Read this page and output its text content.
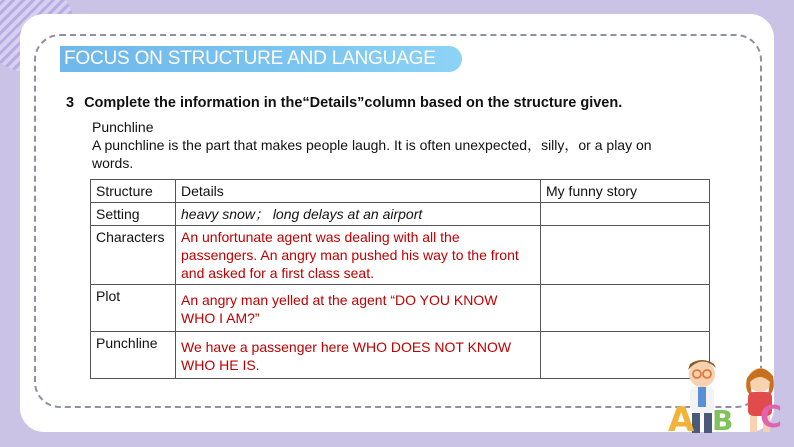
FOCUS ON STRUCTURE AND LANGUAGE
3 Complete the information in the“Details”column based on the structure given.
Punchline
A punchline is the part that makes people laugh. It is often unexpected，silly，or a play on words.
Structure	Details	My funny story
Setting	heavy snow； long delays at an airport	
Characters	An unfortunate agent was dealing with all the passengers. An angry man pushed his way to the front and asked for a first class seat.	
Plot	An angry man yelled at the agent “DO YOU KNOW WHO I AM?”	
Punchline	We have a passenger here WHO DOES NOT KNOW WHO HE IS.	
A B C
